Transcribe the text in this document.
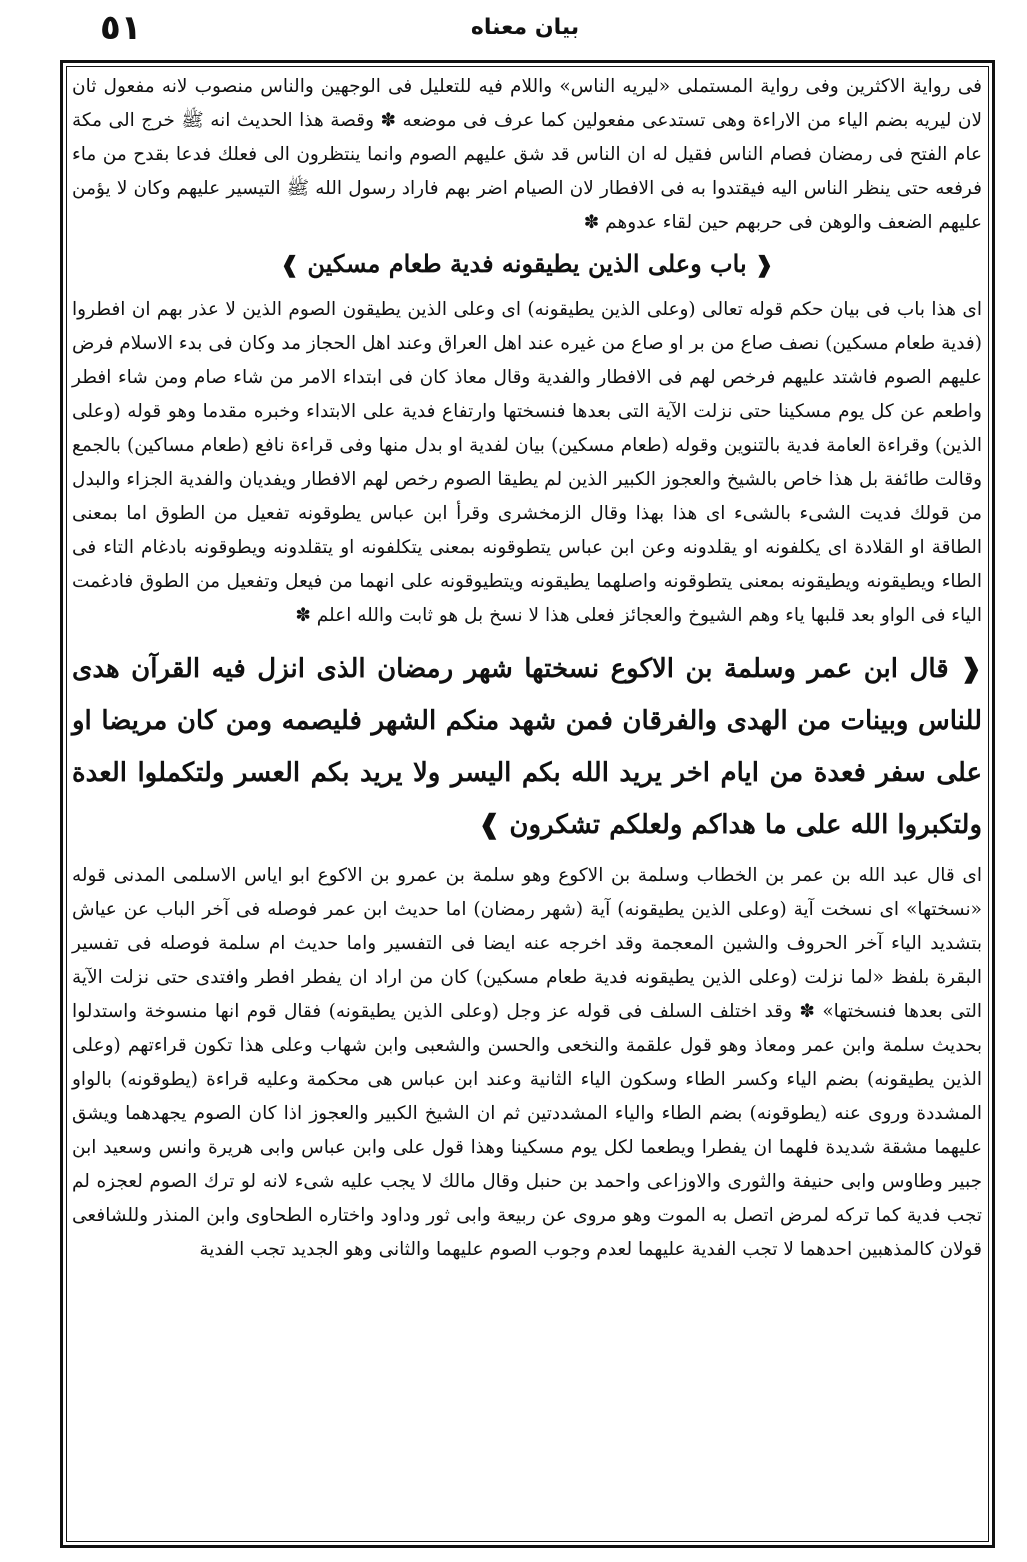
بيان معناه
٥١

فى رواية الاكثرين وفى رواية المستملى «ليريه الناس» واللام فيه للتعليل فى الوجهين والناس منصوب لانه مفعول ثان لان ليريه بضم الياء من الاراءة وهى تستدعى مفعولين كما عرف فى موضعه ✽ وقصة هذا الحديث انه ﷺ خرج الى مكة عام الفتح فى رمضان فصام الناس فقيل له ان الناس قد شق عليهم الصوم وانما ينتظرون الى فعلك فدعا بقدح من ماء فرفعه حتى ينظر الناس اليه فيقتدوا به فى الافطار لان الصيام اضر بهم فاراد رسول الله ﷺ التيسير عليهم وكان لا يؤمن عليهم الضعف والوهن فى حربهم حين لقاء عدوهم ✽

❰ باب وعلى الذين يطيقونه فدية طعام مسكين ❱

اى هذا باب فى بيان حكم قوله تعالى (وعلى الذين يطيقونه) اى وعلى الذين يطيقون الصوم الذين لا عذر بهم ان افطروا (فدية طعام مسكين) نصف صاع من بر او صاع من غيره عند اهل العراق وعند اهل الحجاز مد وكان فى بدء الاسلام فرض عليهم الصوم فاشتد عليهم فرخص لهم فى الافطار والفدية وقال معاذ كان فى ابتداء الامر من شاء صام ومن شاء افطر واطعم عن كل يوم مسكينا حتى نزلت الآية التى بعدها فنسختها وارتفاع فدية على الابتداء وخبره مقدما وهو قوله (وعلى الذين) وقراءة العامة فدية بالتنوين وقوله (طعام مسكين) بيان لفدية او بدل منها وفى قراءة نافع (طعام مساكين) بالجمع وقالت طائفة بل هذا خاص بالشيخ والعجوز الكبير الذين لم يطيقا الصوم رخص لهم الافطار ويفديان والفدية الجزاء والبدل من قولك فديت الشىء بالشىء اى هذا بهذا وقال الزمخشرى وقرأ ابن عباس يطوقونه تفعيل من الطوق اما بمعنى الطاقة او القلادة اى يكلفونه او يقلدونه وعن ابن عباس يتطوقونه بمعنى يتكلفونه او يتقلدونه ويطوقونه بادغام التاء فى الطاء ويطيقونه ويطيقونه بمعنى يتطوقونه واصلهما يطيقونه ويتطيوقونه على انهما من فيعل وتفعيل من الطوق فادغمت الياء فى الواو بعد قلبها ياء وهم الشيوخ والعجائز فعلى هذا لا نسخ بل هو ثابت والله اعلم ✽

❰ قال ابن عمر وسلمة بن الاكوع نسختها شهر رمضان الذى انزل فيه القرآن هدى للناس وبينات من الهدى والفرقان فمن شهد منكم الشهر فليصمه ومن كان مريضا او على سفر فعدة من ايام اخر يريد الله بكم اليسر ولا يريد بكم العسر ولتكملوا العدة ولتكبروا الله على ما هداكم ولعلكم تشكرون ❱

اى قال عبد الله بن عمر بن الخطاب وسلمة بن الاكوع وهو سلمة بن عمرو بن الاكوع ابو اياس الاسلمى المدنى قوله «نسختها» اى نسخت آية (وعلى الذين يطيقونه) آية (شهر رمضان) اما حديث ابن عمر فوصله فى آخر الباب عن عياش بتشديد الياء آخر الحروف والشين المعجمة وقد اخرجه عنه ايضا فى التفسير واما حديث ام سلمة فوصله فى تفسير البقرة بلفظ «لما نزلت (وعلى الذين يطيقونه فدية طعام مسكين) كان من اراد ان يفطر افطر وافتدى حتى نزلت الآية التى بعدها فنسختها» ✽ وقد اختلف السلف فى قوله عز وجل (وعلى الذين يطيقونه) فقال قوم انها منسوخة واستدلوا بحديث سلمة وابن عمر ومعاذ وهو قول علقمة والنخعى والحسن والشعبى وابن شهاب وعلى هذا تكون قراءتهم (وعلى الذين يطيقونه) بضم الياء وكسر الطاء وسكون الياء الثانية وعند ابن عباس هى محكمة وعليه قراءة (يطوقونه) بالواو المشددة وروى عنه (يطوقونه) بضم الطاء والياء المشددتين ثم ان الشيخ الكبير والعجوز اذا كان الصوم يجهدهما ويشق عليهما مشقة شديدة فلهما ان يفطرا ويطعما لكل يوم مسكينا وهذا قول على وابن عباس وابى هريرة وانس وسعيد ابن جبير وطاوس وابى حنيفة والثورى والاوزاعى واحمد بن حنبل وقال مالك لا يجب عليه شىء لانه لو ترك الصوم لعجزه لم تجب فدية كما تركه لمرض اتصل به الموت وهو مروى عن ربيعة وابى ثور وداود واختاره الطحاوى وابن المنذر وللشافعى قولان كالمذهبين احدهما لا تجب الفدية عليهما لعدم وجوب الصوم عليهما والثانى وهو الجديد تجب الفدية
